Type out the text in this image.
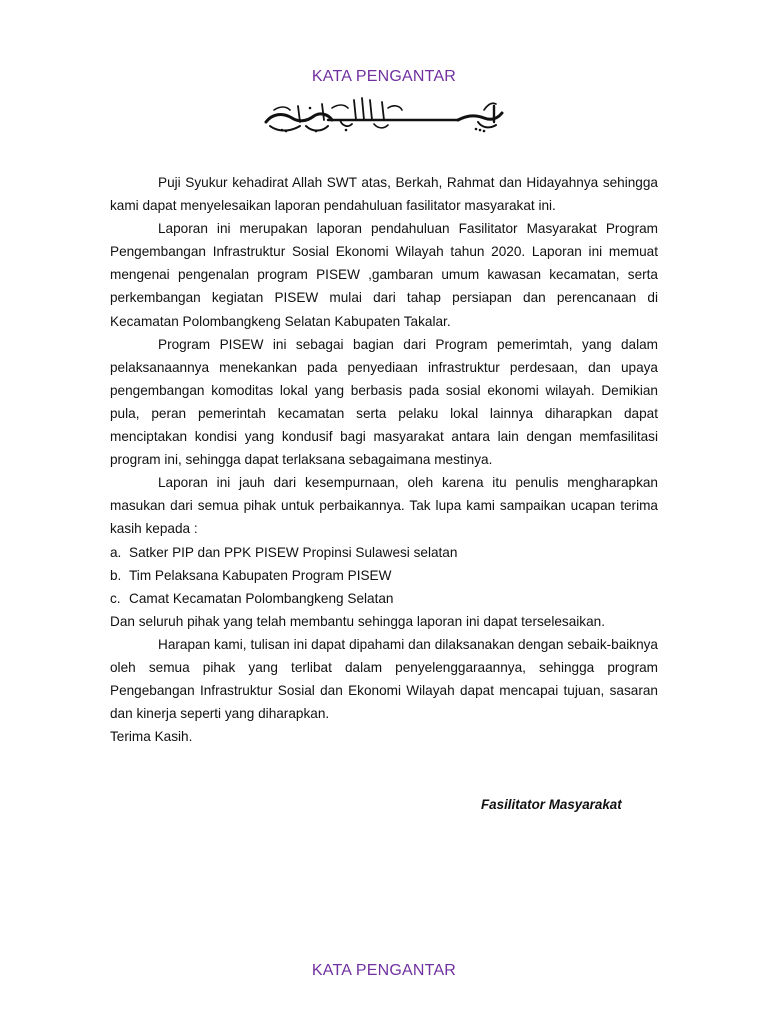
KATA PENGANTAR

Puji Syukur kehadirat Allah SWT atas, Berkah, Rahmat dan Hidayahnya sehingga kami dapat menyelesaikan laporan pendahuluan fasilitator masyarakat ini.

Laporan ini merupakan laporan pendahuluan Fasilitator Masyarakat Program Pengembangan Infrastruktur Sosial Ekonomi Wilayah tahun 2020. Laporan ini memuat mengenai pengenalan program PISEW ,gambaran umum kawasan kecamatan, serta perkembangan kegiatan PISEW mulai dari tahap persiapan dan perencanaan di Kecamatan Polombangkeng Selatan Kabupaten Takalar.

Program PISEW ini sebagai bagian dari Program pemerimtah, yang dalam pelaksanaannya menekankan pada penyediaan infrastruktur perdesaan, dan upaya pengembangan komoditas lokal yang berbasis pada sosial ekonomi wilayah. Demikian pula, peran pemerintah kecamatan serta pelaku lokal lainnya diharapkan dapat menciptakan kondisi yang kondusif bagi masyarakat antara lain dengan memfasilitasi program ini, sehingga dapat terlaksana sebagaimana mestinya.

Laporan ini jauh dari kesempurnaan, oleh karena itu penulis mengharapkan masukan dari semua pihak untuk perbaikannya. Tak lupa kami sampaikan ucapan terima kasih kepada :

a. Satker PIP dan PPK PISEW Propinsi Sulawesi selatan
b. Tim Pelaksana Kabupaten Program PISEW
c. Camat Kecamatan Polombangkeng Selatan

Dan seluruh pihak yang telah membantu sehingga laporan ini dapat terselesaikan.

Harapan kami, tulisan ini dapat dipahami dan dilaksanakan dengan sebaik-baiknya oleh semua pihak yang terlibat dalam penyelenggaraannya, sehingga program Pengebangan Infrastruktur Sosial dan Ekonomi Wilayah dapat mencapai tujuan, sasaran dan kinerja seperti yang diharapkan.

Terima Kasih.

Fasilitator Masyarakat
KATA PENGANTAR
